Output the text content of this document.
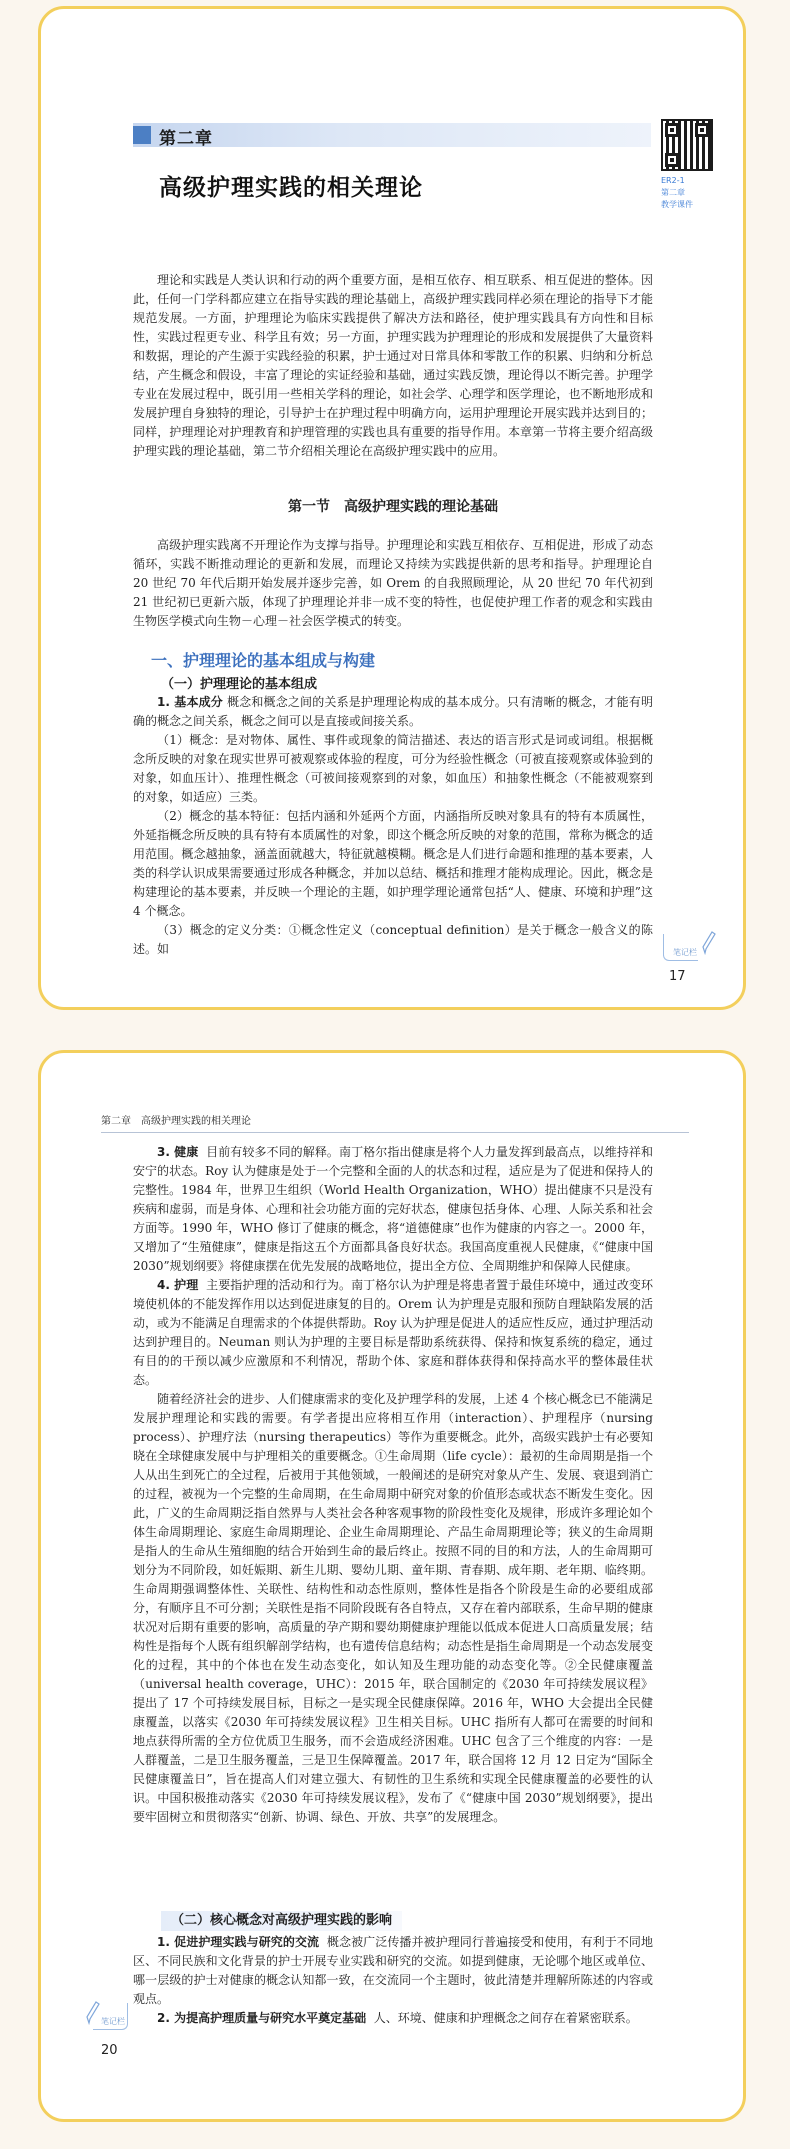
第二章
高级护理实践的相关理论	ER2-1
第二章
教学课件

理论和实践是人类认识和行动的两个重要方面，是相互依存、相互联系、相互促进的整体。因此，任何一门学科都应建立在指导实践的理论基础上，高级护理实践同样必须在理论的指导下才能规范发展。一方面，护理理论为临床实践提供了解决方法和路径，使护理实践具有方向性和目标性，实践过程更专业、科学且有效；另一方面，护理实践为护理理论的形成和发展提供了大量资料和数据，理论的产生源于实践经验的积累，护士通过对日常具体和零散工作的积累、归纳和分析总结，产生概念和假设，丰富了理论的实证经验和基础，通过实践反馈，理论得以不断完善。护理学专业在发展过程中，既引用一些相关学科的理论，如社会学、心理学和医学理论，也不断地形成和发展护理自身独特的理论，引导护士在护理过程中明确方向，运用护理理论开展实践并达到目的；同样，护理理论对护理教育和护理管理的实践也具有重要的指导作用。本章第一节将主要介绍高级护理实践的理论基础，第二节介绍相关理论在高级护理实践中的应用。

第一节　高级护理实践的理论基础

高级护理实践离不开理论作为支撑与指导。护理理论和实践互相依存、互相促进，形成了动态循环，实践不断推动理论的更新和发展，而理论又持续为实践提供新的思考和指导。护理理论自 20 世纪 70 年代后期开始发展并逐步完善，如 Orem 的自我照顾理论，从 20 世纪 70 年代初到 21 世纪初已更新六版，体现了护理理论并非一成不变的特性，也促使护理工作者的观念和实践由生物医学模式向生物－心理－社会医学模式的转变。

一、护理理论的基本组成与构建
（一）护理理论的基本组成

1. 基本成分 概念和概念之间的关系是护理理论构成的基本成分。只有清晰的概念，才能有明确的概念之间关系，概念之间可以是直接或间接关系。

（1）概念：是对物体、属性、事件或现象的简洁描述、表达的语言形式是词或词组。根据概念所反映的对象在现实世界可被观察或体验的程度，可分为经验性概念（可被直接观察或体验到的对象，如血压计）、推理性概念（可被间接观察到的对象，如血压）和抽象性概念（不能被观察到的对象，如适应）三类。

（2）概念的基本特征：包括内涵和外延两个方面，内涵指所反映对象具有的特有本质属性，外延指概念所反映的具有特有本质属性的对象，即这个概念所反映的对象的范围，常称为概念的适用范围。概念越抽象，涵盖面就越大，特征就越模糊。概念是人们进行命题和推理的基本要素，人类的科学认识成果需要通过形成各种概念，并加以总结、概括和推理才能构成理论。因此，概念是构建理论的基本要素，并反映一个理论的主题，如护理学理论通常包括“人、健康、环境和护理”这 4 个概念。

（3）概念的定义分类：①概念性定义（conceptual definition）是关于概念一般含义的陈述。如	笔记栏
17
第二章　高级护理实践的相关理论

3. 健康 目前有较多不同的解释。南丁格尔指出健康是将个人力量发挥到最高点，以维持祥和安宁的状态。Roy 认为健康是处于一个完整和全面的人的状态和过程，适应是为了促进和保持人的完整性。1984 年，世界卫生组织（World Health Organization，WHO）提出健康不只是没有疾病和虚弱，而是身体、心理和社会功能方面的完好状态，健康包括身体、心理、人际关系和社会方面等。1990 年，WHO 修订了健康的概念，将“道德健康”也作为健康的内容之一。2000 年，又增加了“生殖健康”，健康是指这五个方面都具备良好状态。我国高度重视人民健康，《“健康中国 2030”规划纲要》将健康摆在优先发展的战略地位，提出全方位、全周期维护和保障人民健康。

4. 护理 主要指护理的活动和行为。南丁格尔认为护理是将患者置于最佳环境中，通过改变环境使机体的不能发挥作用以达到促进康复的目的。Orem 认为护理是克服和预防自理缺陷发展的活动，或为不能满足自理需求的个体提供帮助。Roy 认为护理是促进人的适应性反应，通过护理活动达到护理目的。Neuman 则认为护理的主要目标是帮助系统获得、保持和恢复系统的稳定，通过有目的的干预以减少应激原和不利情况，帮助个体、家庭和群体获得和保持高水平的整体最佳状态。

随着经济社会的进步、人们健康需求的变化及护理学科的发展，上述 4 个核心概念已不能满足发展护理理论和实践的需要。有学者提出应将相互作用（interaction）、护理程序（nursing process）、护理疗法（nursing therapeutics）等作为重要概念。此外，高级实践护士有必要知晓在全球健康发展中与护理相关的重要概念。①生命周期（life cycle）：最初的生命周期是指一个人从出生到死亡的全过程，后被用于其他领域，一般阐述的是研究对象从产生、发展、衰退到消亡的过程，被视为一个完整的生命周期，在生命周期中研究对象的价值形态或状态不断发生变化。因此，广义的生命周期泛指自然界与人类社会各种客观事物的阶段性变化及规律，形成许多理论如个体生命周期理论、家庭生命周期理论、企业生命周期理论、产品生命周期理论等；狭义的生命周期是指人的生命从生殖细胞的结合开始到生命的最后终止。按照不同的目的和方法，人的生命周期可划分为不同阶段，如妊娠期、新生儿期、婴幼儿期、童年期、青春期、成年期、老年期、临终期。生命周期强调整体性、关联性、结构性和动态性原则，整体性是指各个阶段是生命的必要组成部分，有顺序且不可分割；关联性是指不同阶段既有各自特点，又存在着内部联系，生命早期的健康状况对后期有重要的影响，高质量的孕产期和婴幼期健康护理能以低成本促进人口高质量发展；结构性是指每个人既有组织解剖学结构，也有遗传信息结构；动态性是指生命周期是一个动态发展变化的过程，其中的个体也在发生动态变化，如认知及生理功能的动态变化等。②全民健康覆盖（universal health coverage，UHC）：2015 年，联合国制定的《2030 年可持续发展议程》提出了 17 个可持续发展目标，目标之一是实现全民健康保障。2016 年，WHO 大会提出全民健康覆盖，以落实《2030 年可持续发展议程》卫生相关目标。UHC 指所有人都可在需要的时间和地点获得所需的全方位优质卫生服务，而不会造成经济困难。UHC 包含了三个维度的内容：一是人群覆盖，二是卫生服务覆盖，三是卫生保障覆盖。2017 年，联合国将 12 月 12 日定为“国际全民健康覆盖日”，旨在提高人们对建立强大、有韧性的卫生系统和实现全民健康覆盖的必要性的认识。中国积极推动落实《2030 年可持续发展议程》，发布了《“健康中国 2030”规划纲要》，提出要牢固树立和贯彻落实“创新、协调、绿色、开放、共享”的发展理念。

（二）核心概念对高级护理实践的影响

1. 促进护理实践与研究的交流 概念被广泛传播并被护理同行普遍接受和使用，有利于不同地区、不同民族和文化背景的护士开展专业实践和研究的交流。如提到健康，无论哪个地区或单位、哪一层级的护士对健康的概念认知都一致，在交流同一个主题时，彼此清楚并理解所陈述的内容或观点。

2. 为提高护理质量与研究水平奠定基础 人、环境、健康和护理概念之间存在着紧密联系。

笔记栏
20
